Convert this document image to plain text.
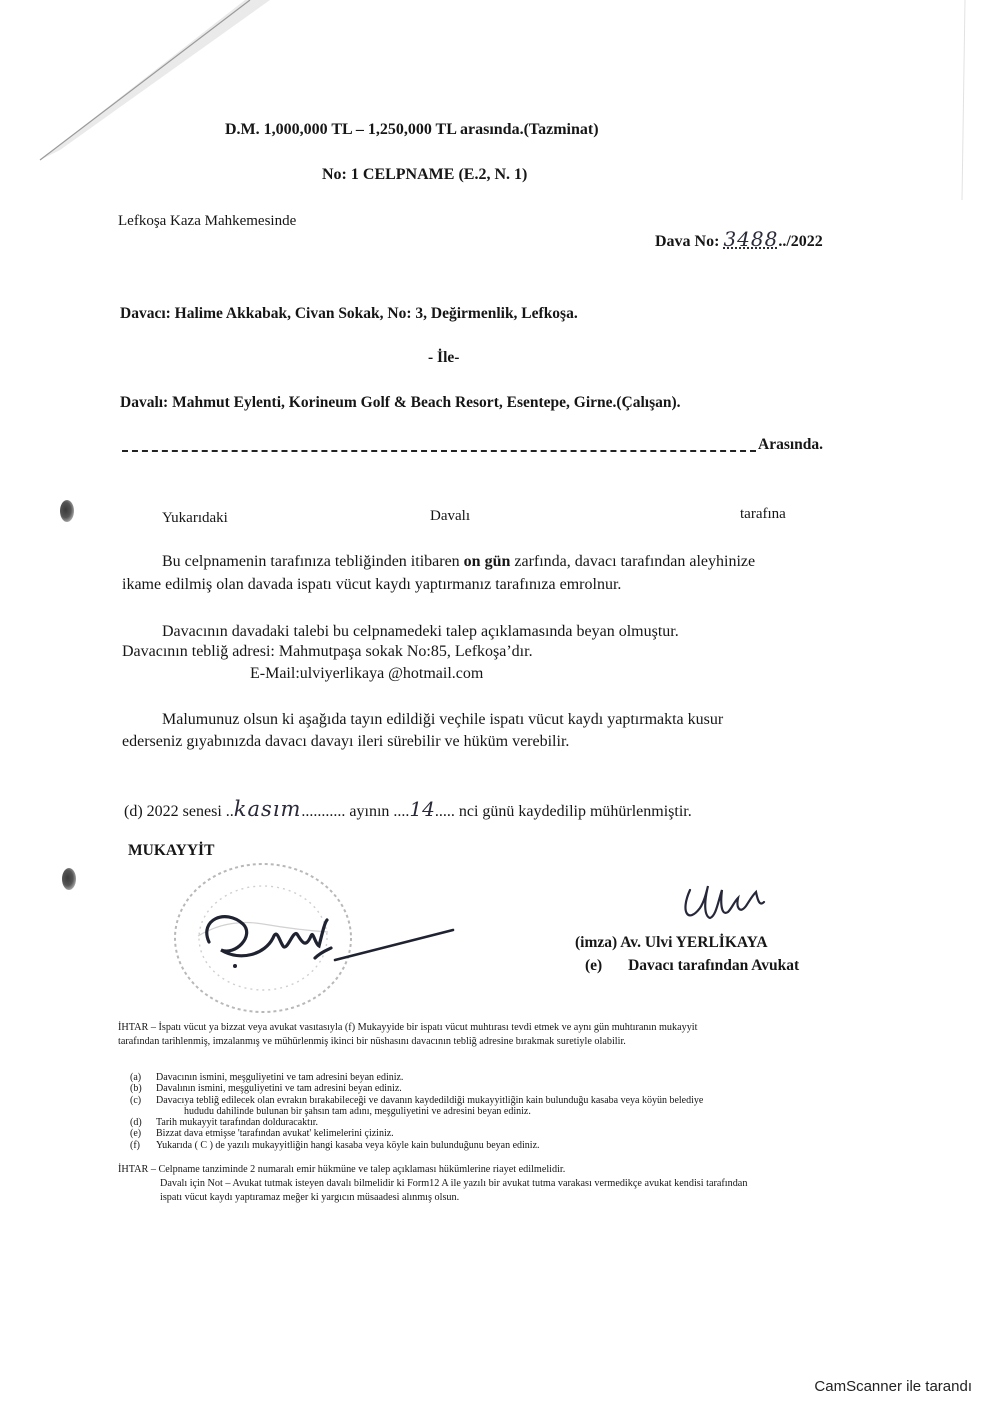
D.M. 1,000,000 TL – 1,250,000 TL arasında.(Tazminat)
No: 1 CELPNAME (E.2, N. 1)
Lefkoşa Kaza Mahkemesinde
Dava No: 3488../2022
Davacı: Halime Akkabak, Civan Sokak, No: 3, Değirmenlik, Lefkoşa.
- İle-
Davalı: Mahmut Eylenti, Korineum Golf & Beach Resort, Esentepe, Girne.(Çalışan).
Arasında.
Yukarıdaki	Davalı	tarafına
Bu celpnamenin tarafınıza tebliğinden itibaren on gün zarfında, davacı tarafından aleyhinize
ikame edilmiş olan davada ispatı vücut kaydı yaptırmanız tarafınıza emrolnur.
Davacının davadaki talebi bu celpnamedeki talep açıklamasında beyan olmuştur.
Davacının tebliğ adresi: Mahmutpaşa sokak No:85, Lefkoşa’dır.
E-Mail:ulviyerlikaya @hotmail.com
Malumunuz olsun ki aşağıda tayın edildiği veçhile ispatı vücut kaydı yaptırmakta kusur
ederseniz gıyabınızda davacı davayı ileri sürebilir ve hüküm verebilir.
(d) 2022 senesi ..kasım........... ayının ....14..... nci günü kaydedilip mühürlenmiştir.
MUKAYYİT
(imza) Av. Ulvi YERLİKAYA
(e) Davacı tarafından Avukat
İHTAR – İspatı vücut ya bizzat veya avukat vasıtasıyla (f) Mukayyide bir ispatı vücut muhtırası tevdi etmek ve aynı gün muhtıranın mukayyit
tarafından tarihlenmiş, imzalanmış ve mühürlenmiş ikinci bir nüshasını davacının tebliğ adresine bırakmak suretiyle olabilir.
(a) Davacının ismini, meşguliyetini ve tam adresini beyan ediniz.
(b) Davalının ismini, meşguliyetini ve tam adresini beyan ediniz.
(c) Davacıya tebliğ edilecek olan evrakın bırakabileceği ve davanın kaydedildiği mukayyitliğin kain bulunduğu kasaba veya köyün belediye
hududu dahilinde bulunan bir şahsın tam adını, meşguliyetini ve adresini beyan ediniz.
(d) Tarih mukayyit tarafından dolduracaktır.
(e) Bizzat dava etmişse 'tarafından avukat' kelimelerini çiziniz.
(f) Yukarıda ( C ) de yazılı mukayyitliğin hangi kasaba veya köyle kain bulunduğunu beyan ediniz.
İHTAR – Celpname tanziminde 2 numaralı emir hükmüne ve talep açıklaması hükümlerine riayet edilmelidir.
Davalı için Not – Avukat tutmak isteyen davalı bilmelidir ki Form12 A ile yazılı bir avukat tutma varakası vermedikçe avukat kendisi tarafından
ispatı vücut kaydı yaptıramaz meğer ki yargıcın müsaadesi alınmış olsun.
CamScanner ile tarandı
